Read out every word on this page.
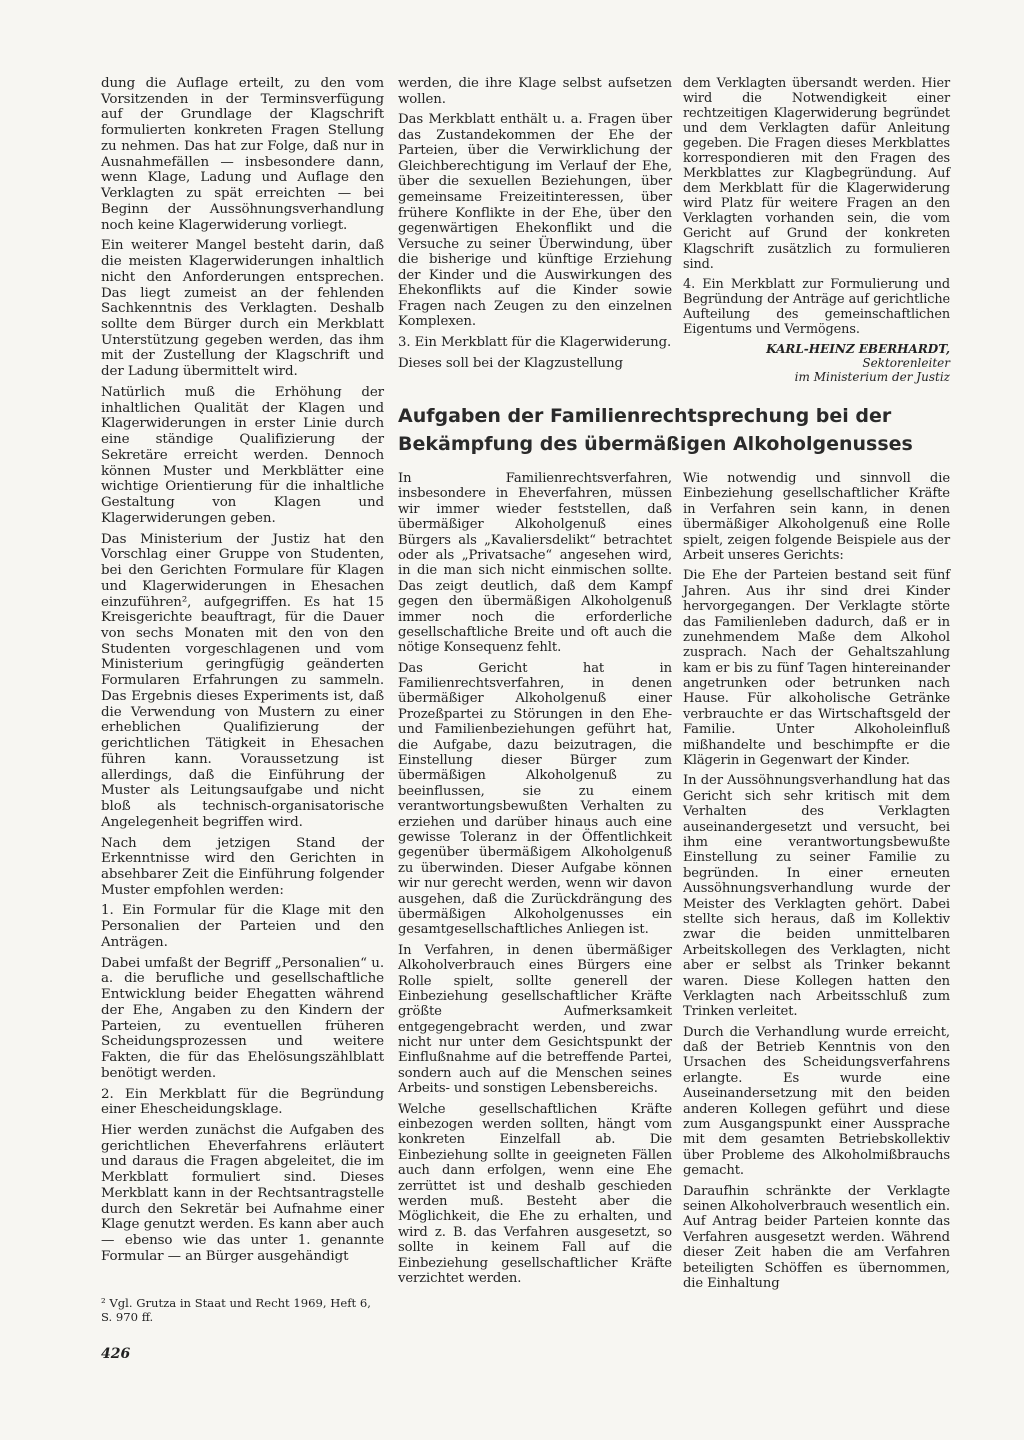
dung die Auflage erteilt, zu den vom Vorsitzenden in der Terminsverfügung auf der Grundlage der Klagschrift formulierten konkreten Fragen Stellung zu nehmen. Das hat zur Folge, daß nur in Ausnahmefällen — insbesondere dann, wenn Klage, Ladung und Auflage den Verklagten zu spät erreichten — bei Beginn der Aussöhnungsverhandlung noch keine Klagerwiderung vorliegt.

Ein weiterer Mangel besteht darin, daß die meisten Klagerwiderungen inhaltlich nicht den Anforderungen entsprechen. Das liegt zumeist an der fehlenden Sachkenntnis des Verklagten. Deshalb sollte dem Bürger durch ein Merkblatt Unterstützung gegeben werden, das ihm mit der Zustellung der Klagschrift und der Ladung übermittelt wird.

Natürlich muß die Erhöhung der inhaltlichen Qualität der Klagen und Klagerwiderungen in erster Linie durch eine ständige Qualifizierung der Sekretäre erreicht werden. Dennoch können Muster und Merkblätter eine wichtige Orientierung für die inhaltliche Gestaltung von Klagen und Klagerwiderungen geben.

Das Ministerium der Justiz hat den Vorschlag einer Gruppe von Studenten, bei den Gerichten Formulare für Klagen und Klagerwiderungen in Ehesachen einzuführen², aufgegriffen. Es hat 15 Kreisgerichte beauftragt, für die Dauer von sechs Monaten mit den von den Studenten vorgeschlagenen und vom Ministerium geringfügig geänderten Formularen Erfahrungen zu sammeln. Das Ergebnis dieses Experiments ist, daß die Verwendung von Mustern zu einer erheblichen Qualifizierung der gerichtlichen Tätigkeit in Ehesachen führen kann. Voraussetzung ist allerdings, daß die Einführung der Muster als Leitungsaufgabe und nicht bloß als technisch-organisatorische Angelegenheit begriffen wird.

Nach dem jetzigen Stand der Erkenntnisse wird den Gerichten in absehbarer Zeit die Einführung folgender Muster empfohlen werden:

1. Ein Formular für die Klage mit den Personalien der Parteien und den Anträgen.

Dabei umfaßt der Begriff „Personalien“ u. a. die berufliche und gesellschaftliche Entwicklung beider Ehegatten während der Ehe, Angaben zu den Kindern der Parteien, zu eventuellen früheren Scheidungsprozessen und weitere Fakten, die für das Ehelösungszählblatt benötigt werden.

2. Ein Merkblatt für die Begründung einer Ehescheidungsklage.

Hier werden zunächst die Aufgaben des gerichtlichen Eheverfahrens erläutert und daraus die Fragen abgeleitet, die im Merkblatt formuliert sind. Dieses Merkblatt kann in der Rechtsantragstelle durch den Sekretär bei Aufnahme einer Klage genutzt werden. Es kann aber auch — ebenso wie das unter 1. genannte Formular — an Bürger ausgehändigt

werden, die ihre Klage selbst aufsetzen wollen.

Das Merkblatt enthält u. a. Fragen über das Zustandekommen der Ehe der Parteien, über die Verwirklichung der Gleichberechtigung im Verlauf der Ehe, über die sexuellen Beziehungen, über gemeinsame Freizeitinteressen, über frühere Konflikte in der Ehe, über den gegenwärtigen Ehekonflikt und die Versuche zu seiner Überwindung, über die bisherige und künftige Erziehung der Kinder und die Auswirkungen des Ehekonflikts auf die Kinder sowie Fragen nach Zeugen zu den einzelnen Komplexen.

3. Ein Merkblatt für die Klagerwiderung.

Dieses soll bei der Klagzustellung

dem Verklagten übersandt werden. Hier wird die Notwendigkeit einer rechtzeitigen Klagerwiderung begründet und dem Verklagten dafür Anleitung gegeben. Die Fragen dieses Merkblattes korrespondieren mit den Fragen des Merkblattes zur Klagbegründung. Auf dem Merkblatt für die Klagerwiderung wird Platz für weitere Fragen an den Verklagten vorhanden sein, die vom Gericht auf Grund der konkreten Klagschrift zusätzlich zu formulieren sind.

4. Ein Merkblatt zur Formulierung und Begründung der Anträge auf gerichtliche Aufteilung des gemeinschaftlichen Eigentums und Vermögens.

KARL-HEINZ EBERHARDT,

Sektorenleiter

im Ministerium der Justiz

Aufgaben der Familienrechtsprechung bei der Bekämpfung des übermäßigen Alkoholgenusses

In Familienrechtsverfahren, insbesondere in Eheverfahren, müssen wir immer wieder feststellen, daß übermäßiger Alkoholgenuß eines Bürgers als „Kavaliersdelikt“ betrachtet oder als „Privatsache“ angesehen wird, in die man sich nicht einmischen sollte. Das zeigt deutlich, daß dem Kampf gegen den übermäßigen Alkoholgenuß immer noch die erforderliche gesellschaftliche Breite und oft auch die nötige Konsequenz fehlt.

Das Gericht hat in Familienrechtsverfahren, in denen übermäßiger Alkoholgenuß einer Prozeßpartei zu Störungen in den Ehe- und Familienbeziehungen geführt hat, die Aufgabe, dazu beizutragen, die Einstellung dieser Bürger zum übermäßigen Alkoholgenuß zu beeinflussen, sie zu einem verantwortungsbewußten Verhalten zu erziehen und darüber hinaus auch eine gewisse Toleranz in der Öffentlichkeit gegenüber übermäßigem Alkoholgenuß zu überwinden. Dieser Aufgabe können wir nur gerecht werden, wenn wir davon ausgehen, daß die Zurückdrängung des übermäßigen Alkoholgenusses ein gesamtgesellschaftliches Anliegen ist.

In Verfahren, in denen übermäßiger Alkoholverbrauch eines Bürgers eine Rolle spielt, sollte generell der Einbeziehung gesellschaftlicher Kräfte größte Aufmerksamkeit entgegengebracht werden, und zwar nicht nur unter dem Gesichtspunkt der Einflußnahme auf die betreffende Partei, sondern auch auf die Menschen seines Arbeits- und sonstigen Lebensbereichs.

Welche gesellschaftlichen Kräfte einbezogen werden sollten, hängt vom konkreten Einzelfall ab. Die Einbeziehung sollte in geeigneten Fällen auch dann erfolgen, wenn eine Ehe zerrüttet ist und deshalb geschieden werden muß. Besteht aber die Möglichkeit, die Ehe zu erhalten, und wird z. B. das Verfahren ausgesetzt, so sollte in keinem Fall auf die Einbeziehung gesellschaftlicher Kräfte verzichtet werden.

Wie notwendig und sinnvoll die Einbeziehung gesellschaftlicher Kräfte in Verfahren sein kann, in denen übermäßiger Alkoholgenuß eine Rolle spielt, zeigen folgende Beispiele aus der Arbeit unseres Gerichts:

Die Ehe der Parteien bestand seit fünf Jahren. Aus ihr sind drei Kinder hervorgegangen. Der Verklagte störte das Familienleben dadurch, daß er in zunehmendem Maße dem Alkohol zusprach. Nach der Gehaltszahlung kam er bis zu fünf Tagen hintereinander angetrunken oder betrunken nach Hause. Für alkoholische Getränke verbrauchte er das Wirtschaftsgeld der Familie. Unter Alkoholeinfluß mißhandelte und beschimpfte er die Klägerin in Gegenwart der Kinder.

In der Aussöhnungsverhandlung hat das Gericht sich sehr kritisch mit dem Verhalten des Verklagten auseinandergesetzt und versucht, bei ihm eine verantwortungsbewußte Einstellung zu seiner Familie zu begründen. In einer erneuten Aussöhnungsverhandlung wurde der Meister des Verklagten gehört. Dabei stellte sich heraus, daß im Kollektiv zwar die beiden unmittelbaren Arbeitskollegen des Verklagten, nicht aber er selbst als Trinker bekannt waren. Diese Kollegen hatten den Verklagten nach Arbeitsschluß zum Trinken verleitet.

Durch die Verhandlung wurde erreicht, daß der Betrieb Kenntnis von den Ursachen des Scheidungsverfahrens erlangte. Es wurde eine Auseinandersetzung mit den beiden anderen Kollegen geführt und diese zum Ausgangspunkt einer Aussprache mit dem gesamten Betriebskollektiv über Probleme des Alkoholmißbrauchs gemacht.

Daraufhin schränkte der Verklagte seinen Alkoholverbrauch wesentlich ein. Auf Antrag beider Parteien konnte das Verfahren ausgesetzt werden. Während dieser Zeit haben die am Verfahren beteiligten Schöffen es übernommen, die Einhaltung

² Vgl. Grutza in Staat und Recht 1969, Heft 6, S. 970 ff.

426
